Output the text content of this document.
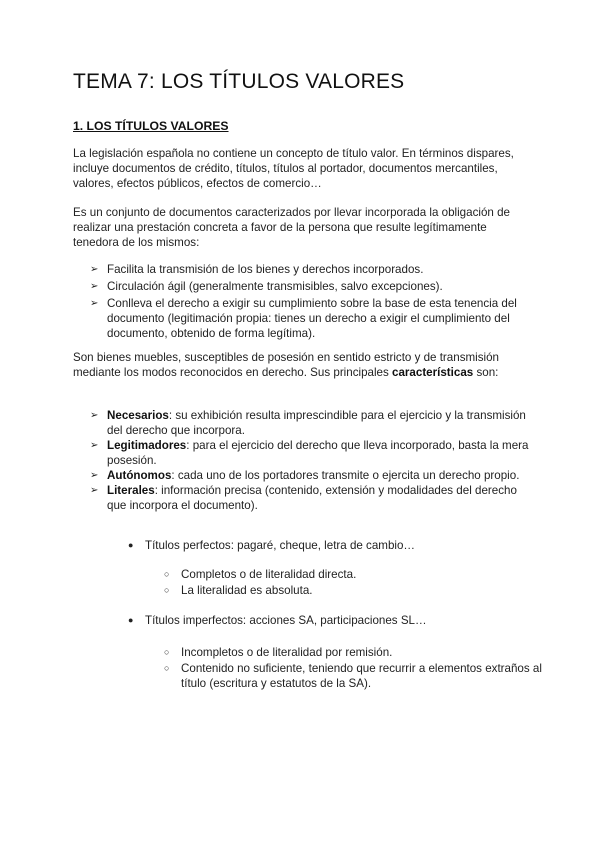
TEMA 7: LOS TÍTULOS VALORES
1. LOS TÍTULOS VALORES

La legislación española no contiene un concepto de título valor. En términos dispares, incluye documentos de crédito, títulos, títulos al portador, documentos mercantiles, valores, efectos públicos, efectos de comercio…

Es un conjunto de documentos caracterizados por llevar incorporada la obligación de realizar una prestación concreta a favor de la persona que resulte legítimamente tenedora de los mismos:

➢ Facilita la transmisión de los bienes y derechos incorporados.
➢ Circulación ágil (generalmente transmisibles, salvo excepciones).
➢ Conlleva el derecho a exigir su cumplimiento sobre la base de esta tenencia del documento (legitimación propia: tienes un derecho a exigir el cumplimiento del documento, obtenido de forma legítima).

Son bienes muebles, susceptibles de posesión en sentido estricto y de transmisión mediante los modos reconocidos en derecho. Sus principales características son:

➢ Necesarios: su exhibición resulta imprescindible para el ejercicio y la transmisión del derecho que incorpora.
➢ Legitimadores: para el ejercicio del derecho que lleva incorporado, basta la mera posesión.
➢ Autónomos: cada uno de los portadores transmite o ejercita un derecho propio.
➢ Literales: información precisa (contenido, extensión y modalidades del derecho que incorpora el documento).

● Títulos perfectos: pagaré, cheque, letra de cambio…

○ Completos o de literalidad directa.
○ La literalidad es absoluta.

● Títulos imperfectos: acciones SA, participaciones SL…

○ Incompletos o de literalidad por remisión.
○ Contenido no suficiente, teniendo que recurrir a elementos extraños al título (escritura y estatutos de la SA).
